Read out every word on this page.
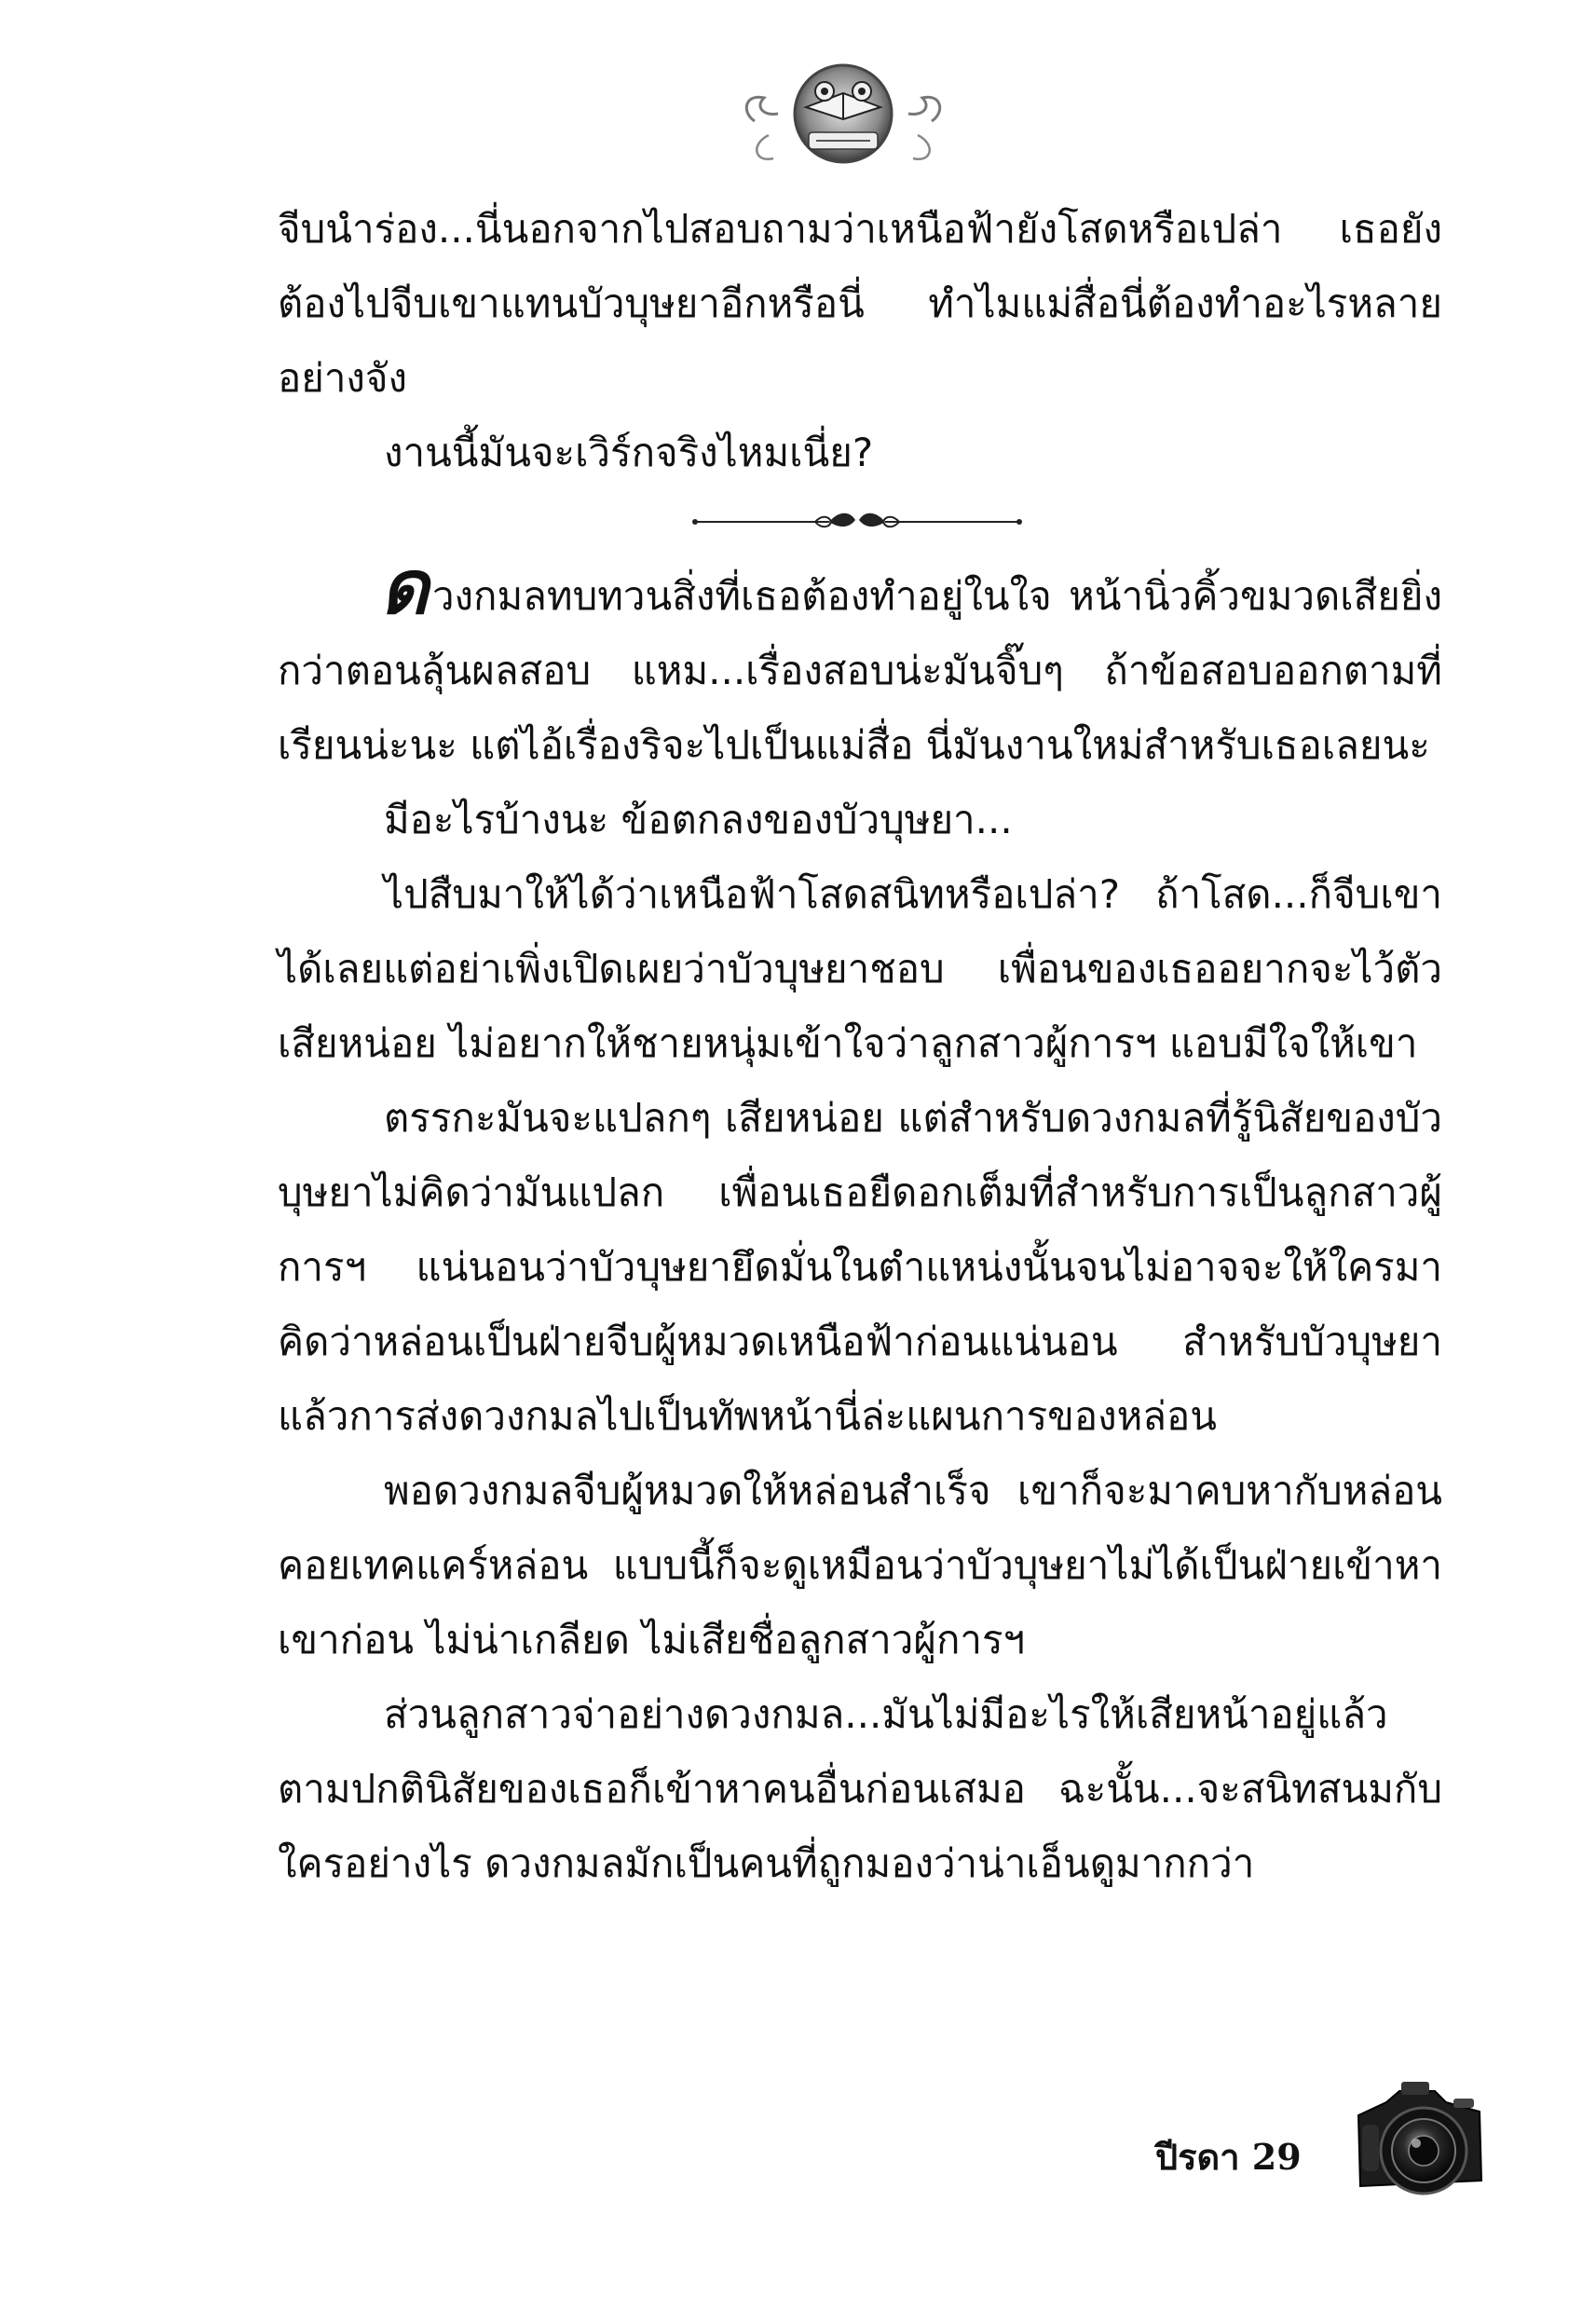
จีบนำร่อง...นี่นอกจากไปสอบถามว่าเหนือฟ้ายังโสดหรือเปล่า เธอยังต้องไปจีบเขาแทนบัวบุษยาอีกหรือนี่ ทำไมแม่สื่อนี่ต้องทำอะไรหลายอย่างจัง

งานนี้มันจะเวิร์กจริงไหมเนี่ย?

ดวงกมลทบทวนสิ่งที่เธอต้องทำอยู่ในใจ หน้านิ่วคิ้วขมวดเสียยิ่งกว่าตอนลุ้นผลสอบ แหม...เรื่องสอบน่ะมันจิ๊บๆ ถ้าข้อสอบออกตามที่เรียนน่ะนะ แต่ไอ้เรื่องริจะไปเป็นแม่สื่อ นี่มันงานใหม่สำหรับเธอเลยนะ

มีอะไรบ้างนะ ข้อตกลงของบัวบุษยา...

ไปสืบมาให้ได้ว่าเหนือฟ้าโสดสนิทหรือเปล่า? ถ้าโสด...ก็จีบเขาได้เลยแต่อย่าเพิ่งเปิดเผยว่าบัวบุษยาชอบ เพื่อนของเธออยากจะไว้ตัวเสียหน่อย ไม่อยากให้ชายหนุ่มเข้าใจว่าลูกสาวผู้การฯ แอบมีใจให้เขา

ตรรกะมันจะแปลกๆ เสียหน่อย แต่สำหรับดวงกมลที่รู้นิสัยของบัวบุษยาไม่คิดว่ามันแปลก เพื่อนเธอยืดอกเต็มที่สำหรับการเป็นลูกสาวผู้การฯ แน่นอนว่าบัวบุษยายึดมั่นในตำแหน่งนั้นจนไม่อาจจะให้ใครมาคิดว่าหล่อนเป็นฝ่ายจีบผู้หมวดเหนือฟ้าก่อนแน่นอน สำหรับบัวบุษยาแล้วการส่งดวงกมลไปเป็นทัพหน้านี่ล่ะแผนการของหล่อน

พอดวงกมลจีบผู้หมวดให้หล่อนสำเร็จ เขาก็จะมาคบหากับหล่อน คอยเทคแคร์หล่อน แบบนี้ก็จะดูเหมือนว่าบัวบุษยาไม่ได้เป็นฝ่ายเข้าหาเขาก่อน ไม่น่าเกลียด ไม่เสียชื่อลูกสาวผู้การฯ

ส่วนลูกสาวจ่าอย่างดวงกมล...มันไม่มีอะไรให้เสียหน้าอยู่แล้วตามปกตินิสัยของเธอก็เข้าหาคนอื่นก่อนเสมอ ฉะนั้น...จะสนิทสนมกับใครอย่างไร ดวงกมลมักเป็นคนที่ถูกมองว่าน่าเอ็นดูมากกว่า

ปีรดา 29
